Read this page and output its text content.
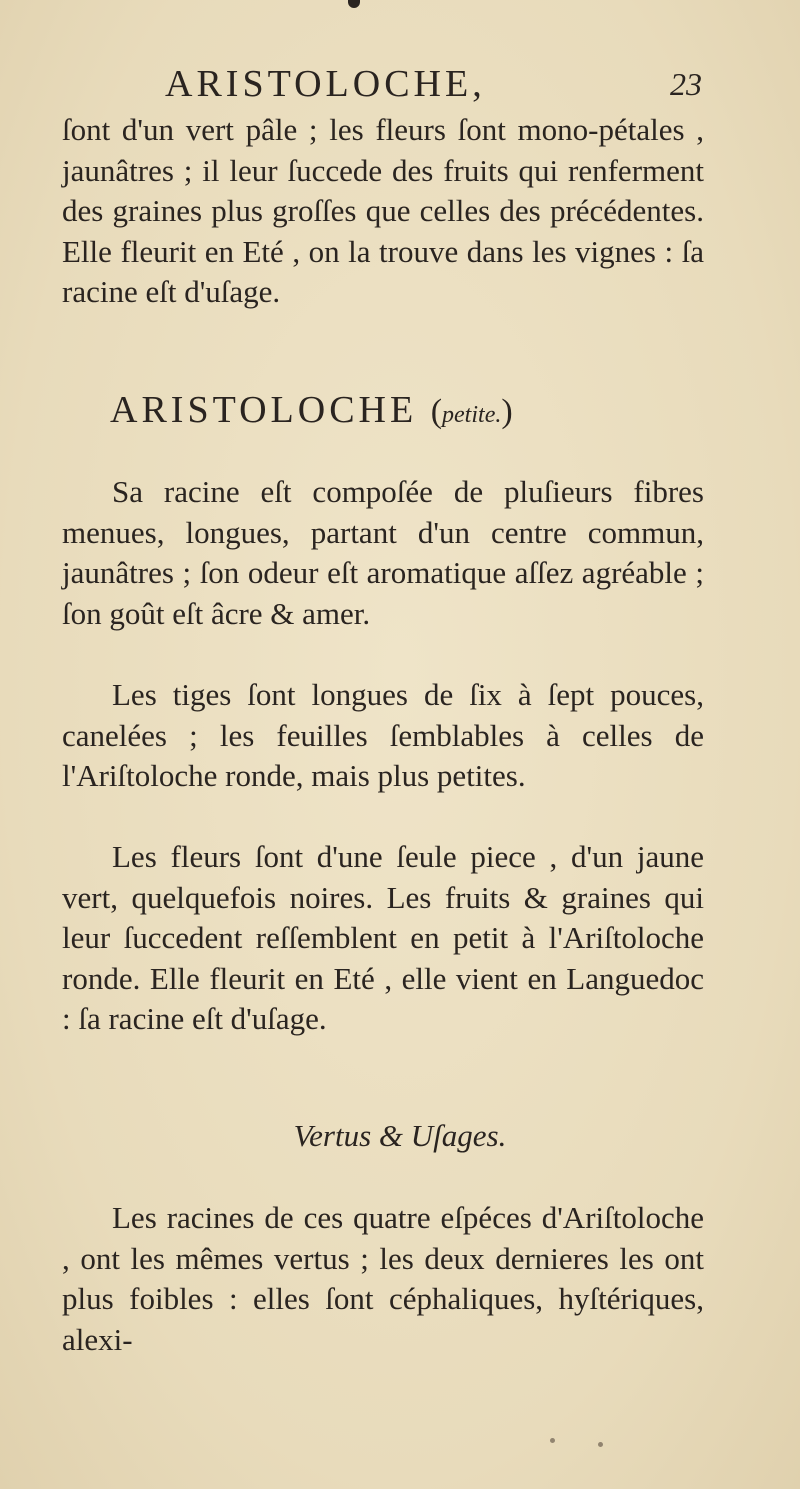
ARISTOLOCHE,	23

ſont d'un vert pâle ; les fleurs ſont mono-pétales , jaunâtres ; il leur ſuccede des fruits qui renferment des graines plus groſſes que celles des précédentes. Elle fleurit en Eté , on la trouve dans les vignes : ſa racine eſt d'uſage.

ARISTOLOCHE (petite.)

Sa racine eſt compoſée de pluſieurs fibres menues, longues, partant d'un centre commun, jaunâtres ; ſon odeur eſt aromatique aſſez agréable ; ſon goût eſt âcre & amer.

Les tiges ſont longues de ſix à ſept pouces, canelées ; les feuilles ſemblables à celles de l'Ariſtoloche ronde, mais plus petites.

Les fleurs ſont d'une ſeule piece , d'un jaune vert, quelquefois noires. Les fruits & graines qui leur ſuccedent reſſemblent en petit à l'Ariſtoloche ronde. Elle fleurit en Eté , elle vient en Languedoc : ſa racine eſt d'uſage.

Vertus & Uſages.

Les racines de ces quatre eſpéces d'Ariſtoloche , ont les mêmes vertus ; les deux dernieres les ont plus foibles : elles ſont céphaliques, hyſtériques, alexi-
